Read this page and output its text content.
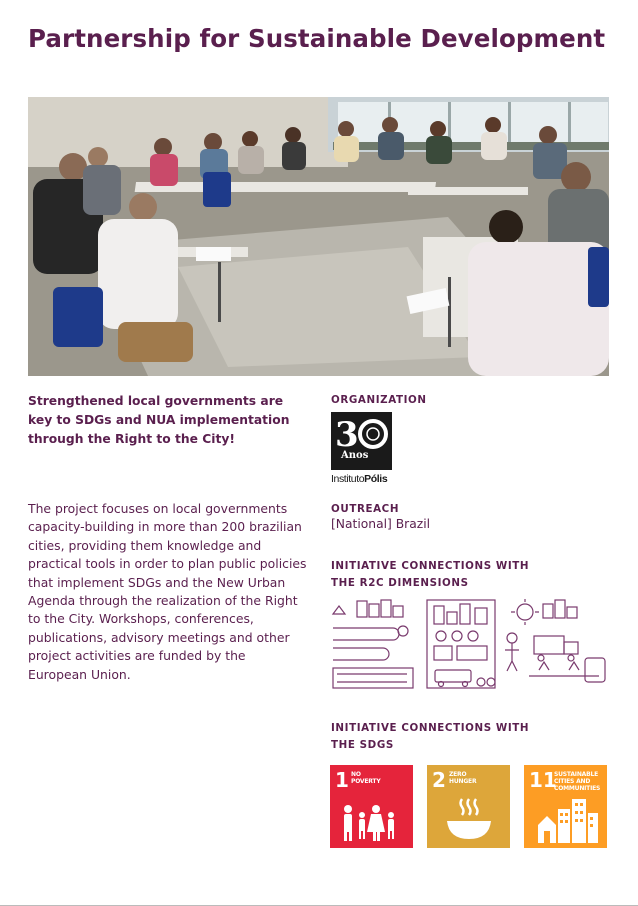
Partnership for Sustainable Development

Strengthened local governments are key to SDGs and NUA implementation through the Right to the City!

The project focuses on local governments capacity-building in more than 200 brazilian cities, providing them knowledge and practical tools in order to plan public policies that implement SDGs and the New Urban Agenda through the realization of the Right to the City. Workshops, conferences, publications, advisory meetings and other project activities are funded by the European Union.

ORGANIZATION
3
Anos
InstitutoPólis
OUTREACH
[National] Brazil
INITIATIVE CONNECTIONS WITH THE R2C DIMENSIONS
INITIATIVE CONNECTIONS WITH THE SDGS
1 NO POVERTY	2 ZERO HUNGER	11
SUSTAINABLE CITIES AND COMMUNITIES
